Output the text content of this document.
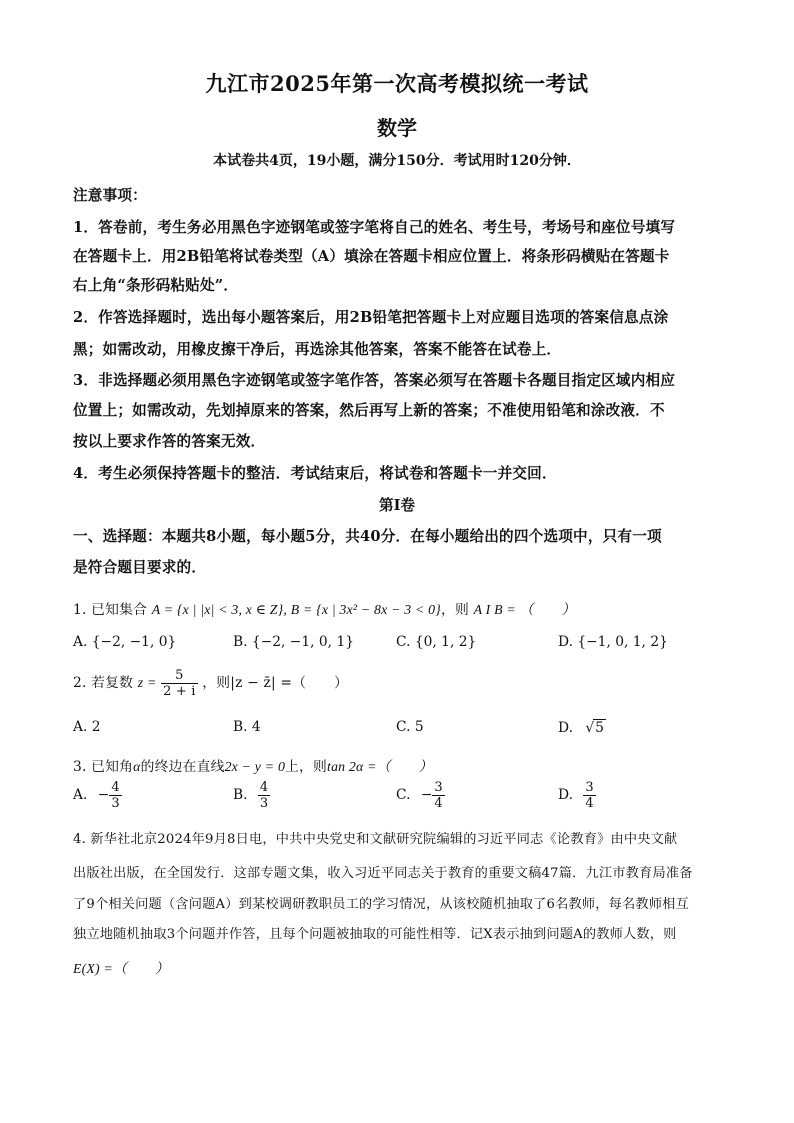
九江市2025年第一次高考模拟统一考试
数学
本试卷共4页，19小题，满分150分．考试用时120分钟．
注意事项：
1．答卷前，考生务必用黑色字迹钢笔或签字笔将自己的姓名、考生号，考场号和座位号填写
在答题卡上．用2B铅笔将试卷类型（A）填涂在答题卡相应位置上．将条形码横贴在答题卡
右上角“条形码粘贴处”．
2．作答选择题时，选出每小题答案后，用2B铅笔把答题卡上对应题目选项的答案信息点涂
黑；如需改动，用橡皮擦干净后，再选涂其他答案，答案不能答在试卷上．
3．非选择题必须用黑色字迹钢笔或签字笔作答，答案必须写在答题卡各题目指定区域内相应
位置上；如需改动，先划掉原来的答案，然后再写上新的答案；不准使用铅笔和涂改液．不
按以上要求作答的答案无效．
4．考生必须保持答题卡的整洁．考试结束后，将试卷和答题卡一并交回．
第Ⅰ卷
一、选择题：本题共8小题，每小题5分，共40分．在每小题给出的四个选项中，只有一项
是符合题目要求的．
1. 已知集合 A = {x | |x| < 3, x ∈ Z}, B = {x | 3x² − 8x − 3 < 0}，则 A I B = （　　）
A. {−2, −1, 0}	B. {−2, −1, 0, 1}	C. {0, 1, 2}	D. {−1, 0, 1, 2}
2. 若复数 $z = \frac{5}{2 + i}$ ，则|z − z̄| =（　　）
A. 2	B. 4	C. 5	D. √5
3. 已知角α的终边在直线2x − y = 0上，则tan 2α =（　　）
A. − $\frac{4}{3}$	B. $\frac{4}{3}$	C. − $\frac{3}{4}$	D. $\frac{3}{4}$
4. 新华社北京2024年9月8日电，中共中央党史和文献研究院编辑的习近平同志《论教育》由中央文献
出版社出版，在全国发行．这部专题文集，收入习近平同志关于教育的重要文稿47篇．九江市教育局准备
了9个相关问题（含问题A）到某校调研教职员工的学习情况，从该校随机抽取了6名教师，每名教师相互
独立地随机抽取3个问题并作答，且每个问题被抽取的可能性相等．记X表示抽到问题A的教师人数，则
E(X) =（　　）
